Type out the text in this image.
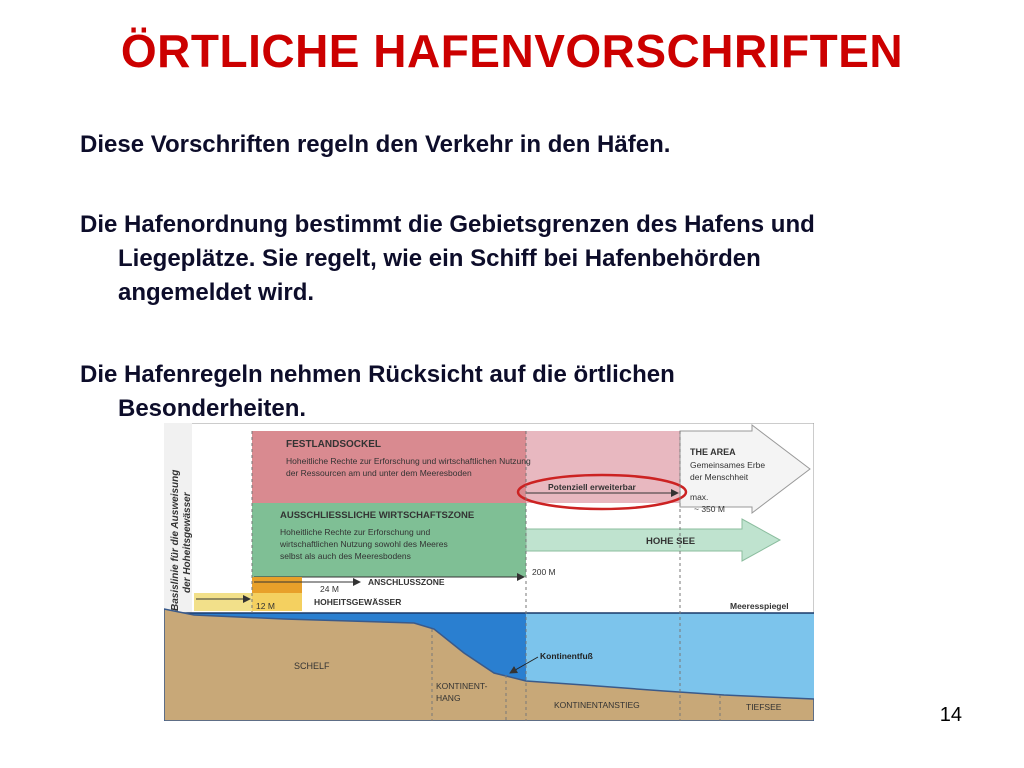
ÖRTLICHE HAFENVORSCHRIFTEN

Diese Vorschriften regeln den Verkehr in den Häfen.

Die Hafenordnung bestimmt die Gebietsgrenzen des Hafens und
Liegeplätze. Sie regelt, wie ein Schiff bei Hafenbehörden
angemeldet wird.

Die Hafenregeln nehmen Rücksicht auf die örtlichen
Besonderheiten.

Basislinie für die Ausweisung der Hoheitsgewässer
FESTLANDSOCKEL
Hoheitliche Rechte zur Erforschung und wirtschaftlichen Nutzung
der Ressourcen am und unter dem Meeresboden
THE AREA
Gemeinsames Erbe
der Menschheit
Potenziell erweiterbar
max.
~ 350 M
AUSSCHLIESSLICHE WIRTSCHAFTSZONE
Hoheitliche Rechte zur Erforschung und
wirtschaftlichen Nutzung sowohl des Meeres
selbst als auch des Meeresbodens
HOHE SEE
200 M
ANSCHLUSSZONE
24 M
12 M	HOHEITSGEWÄSSER	Meeresspiegel
SCHELF
Kontinentfuß
KONTINENT-
HANG
KONTINENTANSTIEG	TIEFSEE	14
